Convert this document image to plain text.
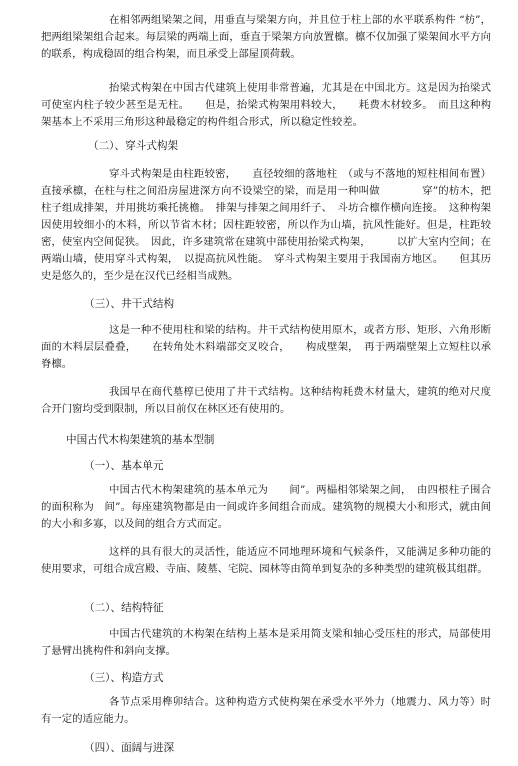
在相邻两组梁架之间，用垂直与梁架方向，并且位于柱上部的水平联系构件 “枋”，把两组梁架组合起来。每层梁的两端上面，垂直于梁架方向放置檩。檩不仅加强了梁架间水平方向的联系，构成稳固的组合构架，而且承受上部屋顶荷载。

抬梁式构架在中国古代建筑上使用非常普遍，尤其是在中国北方。这是因为抬梁式可使室内柱子较少甚至是无柱。　　但是，抬梁式构架用料较大，　　耗费木材较多。　而且这种构架基本上不采用三角形这种最稳定的构件组合形式，所以稳定性较差。

（二）、穿斗式构架

穿斗式构架是由柱距较密，　　直径较细的落地柱　（或与不落地的短柱相间布置）直接承檩，在柱与柱之间沿房屋进深方向不设梁空的梁，而是用一种叫做　　　　穿”的枋木，把柱子组成排架，并用挑坊乘托挑檐。　排架与排架之间用纤子、　斗坊合檩作横向连接。　这种构架因使用较细小的木料，所以节省木材；因柱距较密，所以作为山墙，抗风性能好。但是，柱距较密，使室内空间促狭。　因此，许多建筑常在建筑中部使用抬梁式构架，　　　以扩大室内空间；在两端山墙，使用穿斗式构架，　以提高抗风性能。　穿斗式构架主要用于我国南方地区。　　但其历史是悠久的，至少是在汉代已经相当成熟。

（三）、井干式结构

这是一种不使用柱和梁的结构。井干式结构使用原木，或者方形、矩形、六角形断面的木料层层叠叠，　　在转角处木料端部交叉咬合，　　构成壁架，　再于两端壁架上立短柱以承脊檩。

我国早在商代墓椁已使用了井干式结构。这种结构耗费木材量大，建筑的绝对尺度合开门窗均受到限制，所以目前仅在林区还有使用的。

中国古代木构架建筑的基本型制
（一）、基本单元

中国古代木构架建筑的基本单元为　　间”。两榀相邻梁架之间，　由四根柱子围合的面积称为　间”。每座建筑物都是由一间或许多间组合而成。建筑物的规模大小和形式，就由间的大小和多寡，以及间的组合方式而定。

这样的具有很大的灵活性，能适应不同地理环境和气候条件，又能满足多种功能的使用要求，可组合成宫殿、寺庙、陵墓、宅院、园林等由简单到复杂的多种类型的建筑极其组群。

（二）、结构特征

中国古代建筑的木构架在结构上基本是采用简支梁和轴心受压柱的形式，局部使用了悬臂出挑构件和斜向支撑。

（三）、构造方式

各节点采用榫卯结合。这种构造方式使构架在承受水平外力（地震力、风力等）时有一定的适应能力。

（四）、面阔与进深
